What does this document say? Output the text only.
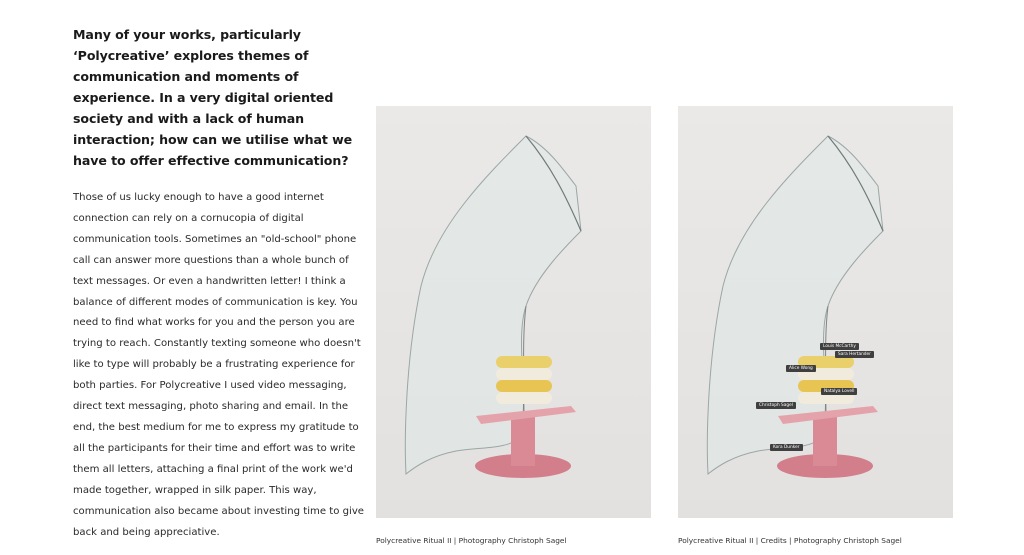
Many of your works, particularly ‘Polycreative’ explores themes of communication and moments of experience. In a very digital oriented society and with a lack of human interaction; how can we utilise what we have to offer effective communication?
Those of us lucky enough to have a good internet connection can rely on a cornucopia of digital communication tools. Sometimes an "old-school" phone call can answer more questions than a whole bunch of text messages. Or even a handwritten letter! I think a balance of different modes of communication is key. You need to find what works for you and the person you are trying to reach. Constantly texting someone who doesn't like to type will probably be a frustrating experience for both parties. For Polycreative I used video messaging, direct text messaging, photo sharing and email. In the end, the best medium for me to express my gratitude to all the participants for their time and effort was to write them all letters, attaching a final print of the work we'd made together, wrapped in silk paper. This way, communication also became about investing time to give back and being appreciative.
Polycreative Ritual II | Photography Christoph Sagel
Louis McCarthy
Sara Hertander
Alice Wong
Natalya Lovell
Christoph Sagel
Kora Dunker
Polycreative Ritual II | Credits | Photography Christoph Sagel
